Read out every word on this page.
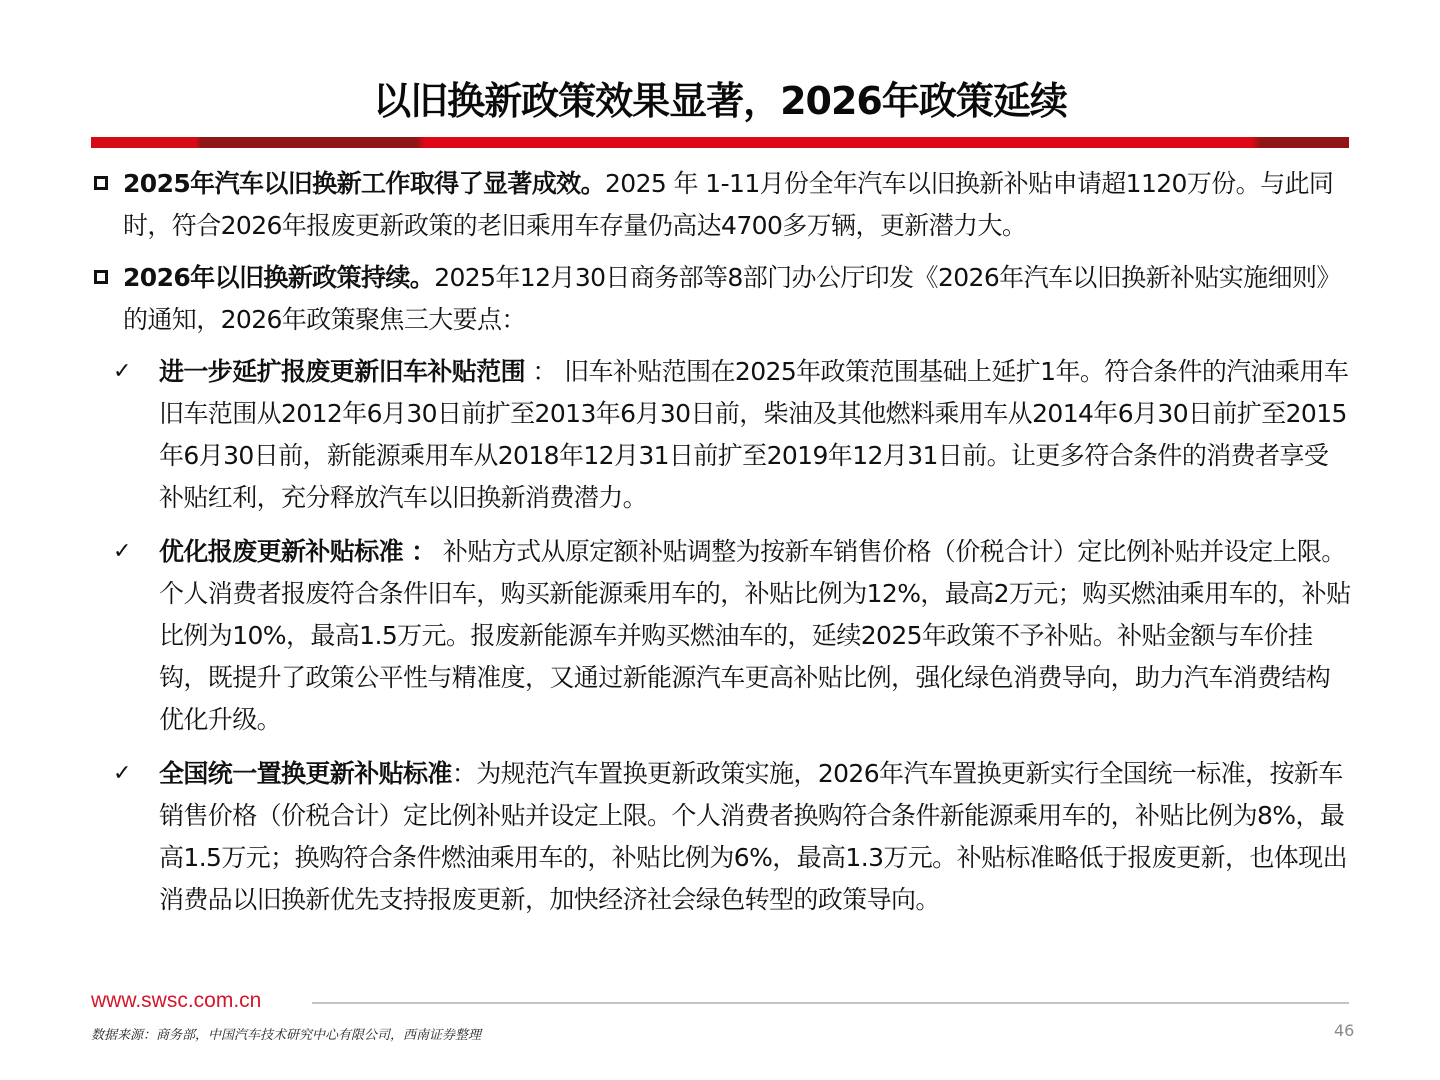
以旧换新政策效果显著，2026年政策延续
2025年汽车以旧换新工作取得了显著成效。2025 年 1-11月份全年汽车以旧换新补贴申请超1120万份。与此同时，符合2026年报废更新政策的老旧乘用车存量仍高达4700多万辆，更新潜力大。
2026年以旧换新政策持续。2025年12月30日商务部等8部门办公厅印发《2026年汽车以旧换新补贴实施细则》的通知，2026年政策聚焦三大要点：
✓ 进一步延扩报废更新旧车补贴范围 ： 旧车补贴范围在2025年政策范围基础上延扩1年。符合条件的汽油乘用车旧车范围从2012年6月30日前扩至2013年6月30日前，柴油及其他燃料乘用车从2014年6月30日前扩至2015年6月30日前，新能源乘用车从2018年12月31日前扩至2019年12月31日前。让更多符合条件的消费者享受补贴红利，充分释放汽车以旧换新消费潜力。
✓ 优化报废更新补贴标准 ： 补贴方式从原定额补贴调整为按新车销售价格（价税合计）定比例补贴并设定上限。个人消费者报废符合条件旧车，购买新能源乘用车的，补贴比例为12%，最高2万元；购买燃油乘用车的，补贴比例为10%，最高1.5万元。报废新能源车并购买燃油车的，延续2025年政策不予补贴。补贴金额与车价挂钩，既提升了政策公平性与精准度，又通过新能源汽车更高补贴比例，强化绿色消费导向，助力汽车消费结构优化升级。
✓ 全国统一置换更新补贴标准：为规范汽车置换更新政策实施，2026年汽车置换更新实行全国统一标准，按新车销售价格（价税合计）定比例补贴并设定上限。个人消费者换购符合条件新能源乘用车的，补贴比例为8%，最高1.5万元；换购符合条件燃油乘用车的，补贴比例为6%，最高1.3万元。补贴标准略低于报废更新，也体现出消费品以旧换新优先支持报废更新，加快经济社会绿色转型的政策导向。
www.swsc.com.cn
数据来源：商务部，中国汽车技术研究中心有限公司，西南证券整理	46
